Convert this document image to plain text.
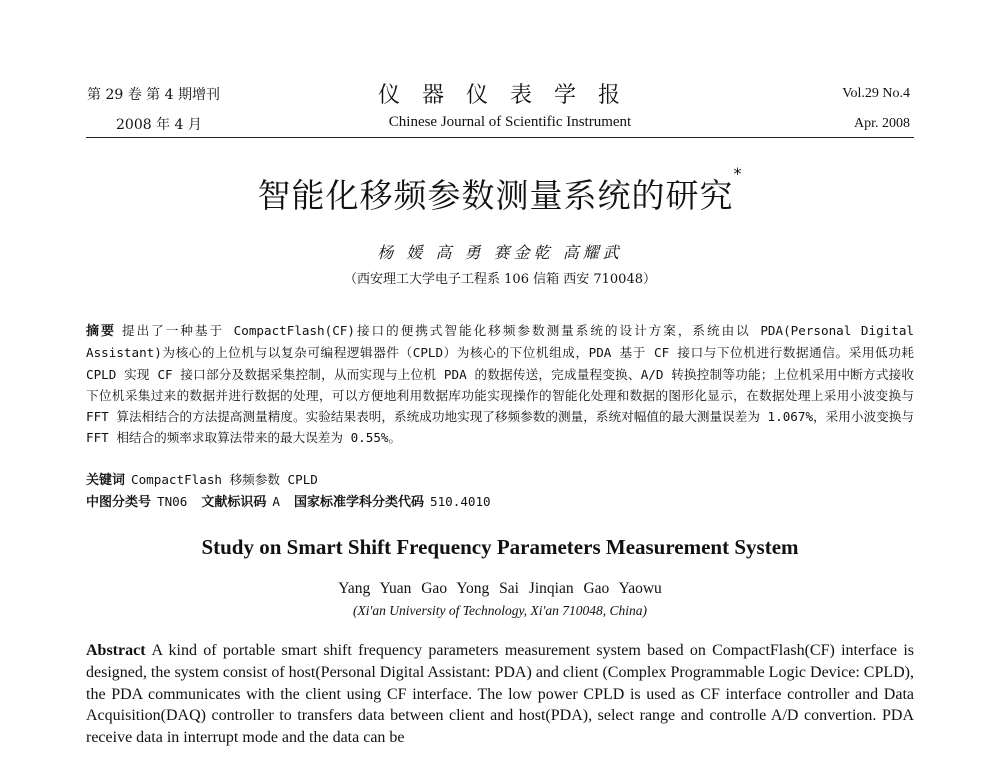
第 29 卷 第 4 期增刊
2008 年 4 月
仪器仪表学报
Chinese Journal of Scientific Instrument
Vol.29 No.4
Apr. 2008
智能化移频参数测量系统的研究*
杨 媛 高 勇 赛金乾 高耀武
（西安理工大学电子工程系 106 信箱 西安 710048）
摘要 提出了一种基于 CompactFlash(CF)接口的便携式智能化移频参数测量系统的设计方案，系统由以 PDA(Personal Digital Assistant)为核心的上位机与以复杂可编程逻辑器件（CPLD）为核心的下位机组成，PDA 基于 CF 接口与下位机进行数据通信。采用低功耗 CPLD 实现 CF 接口部分及数据采集控制，从而实现与上位机 PDA 的数据传送，完成量程变换、A/D 转换控制等功能；上位机采用中断方式接收下位机采集过来的数据并进行数据的处理，可以方便地利用数据库功能实现操作的智能化处理和数据的图形化显示，在数据处理上采用小波变换与 FFT 算法相结合的方法提高测量精度。实验结果表明，系统成功地实现了移频参数的测量，系统对幅值的最大测量误差为 1.067%，采用小波变换与 FFT 相结合的频率求取算法带来的最大误差为 0.55%。
关键词 CompactFlash 移频参数 CPLD
中图分类号 TN06 文献标识码 A 国家标准学科分类代码 510.4010
Study on Smart Shift Frequency Parameters Measurement System
Yang Yuan Gao Yong Sai Jinqian Gao Yaowu
(Xi'an University of Technology, Xi'an 710048, China)
Abstract A kind of portable smart shift frequency parameters measurement system based on CompactFlash(CF) interface is designed, the system consist of host(Personal Digital Assistant: PDA) and client (Complex Programmable Logic Device: CPLD), the PDA communicates with the client using CF interface. The low power CPLD is used as CF interface controller and Data Acquisition(DAQ) controller to transfers data between client and host(PDA), select range and controlle A/D convertion. PDA receive data in interrupt mode and the data can be
